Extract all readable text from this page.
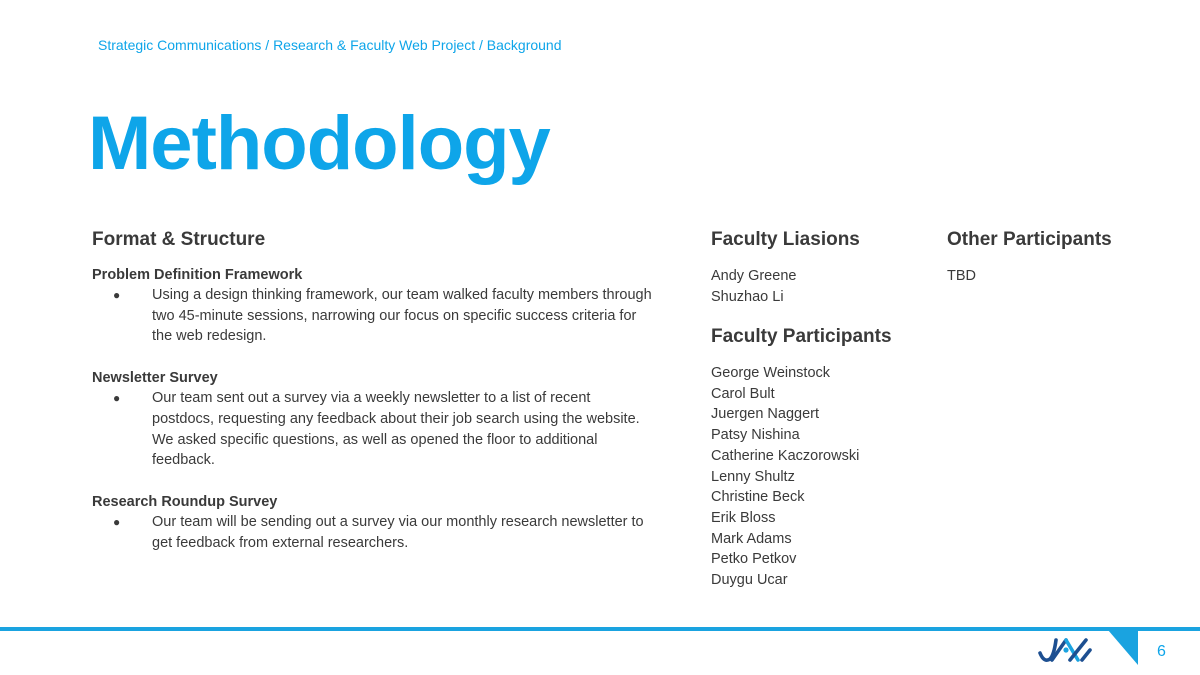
Strategic Communications / Research & Faculty Web Project / Background
Methodology
Format & Structure

Problem Definition Framework

●	Using a design thinking framework, our team walked faculty members through two 45-minute sessions, narrowing our focus on specific success criteria for the web redesign.

Newsletter Survey

●	Our team sent out a survey via a weekly newsletter to a list of recent postdocs, requesting any feedback about their job search using the website. We asked specific questions, as well as opened the floor to additional feedback.

Research Roundup Survey

●	Our team will be sending out a survey via our monthly research newsletter to get feedback from external researchers.
Faculty Liasions
Andy Greene
Shuzhao Li
Faculty Participants
George Weinstock
Carol Bult
Juergen Naggert
Patsy Nishina
Catherine Kaczorowski
Lenny Shultz
Christine Beck
Erik Bloss
Mark Adams
Petko Petkov
Duygu Ucar
Other Participants
TBD
6
